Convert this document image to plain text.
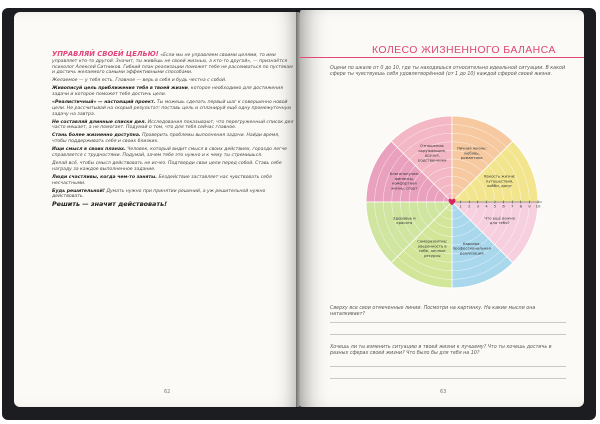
УПРАВЛЯЙ СВОЕЙ ЦЕЛЬЮ! «Если мы не управляем своими целями, то ими управляет кто-то другой. Значит, ты живёшь не своей жизнью, а кто-то другой», — признаётся психолог Алексей Ситников. Гибкий план реализации поможет тебе не рассеиваться по пустякам и достичь желаемого самыми эффективными способами.

Желаемое — у тебя есть. Главное — верь в себя и будь честна с собой.

Живописуй цель приближения тебя в твоей жизни, которое необходимо для достижения задачи и которое поможет тебе достичь цели.

«Реалистичный» — настоящий проект. Ты можешь сделать первый шаг к совершенно новой цели. Не рассчитывай на скорый результат: поставь цель и спланируй ещё одну промежуточную задачу на завтра.

Не составляй длинные списки дел. Исследования показывают, что перегруженный список дел часто мешает, а не помогает. Подумай о том, что для тебя сейчас главное.

Стань более жизненно доступна. Проверить проблемы выполнения задачи. Найди время, чтобы поддерживать себя и своих близких.

Ищи смысл в своих планах. Человек, который видит смысл в своих действиях, гораздо легче справляется с трудностями. Подумай, зачем тебе это нужно и к чему ты стремишься.

Делай всё, чтобы смысл действовать не исчез. Подтверди свои цели перед собой. Ставь себе награду за каждое выполненное задание.

Люди счастливы, когда чем-то заняты. Бездействие заставляет нас чувствовать себя несчастными.

Будь решительной! Думать нужно при принятии решений, а уж решительной нужно действовать.

Решить — значит действовать!

62
КОЛЕСО ЖИЗНЕННОГО БАЛАНСА
Оцени по шкале от 0 до 10, где ты находишься относительно идеальной ситуации. В какой сфере ты чувствуешь себя удовлетворённой (от 1 до 10) каждой сферой своей жизни.
1 2 3 4 5 6 7 8 9 10
Благополучие: финансы, комфортная жизнь, спорт
Отношения: окружающие, друзья, родственники
Личная жизнь: любовь, романтика
Яркость жизни: путешествия, хобби, досуг
Что ещё важно для тебя?
Карьера, профессиональная реализация
Саморазвитие: уверенность в себе, личные ресурсы
Здоровье и красота
Сверху все свои отмеченные линии. Посмотри на картинку. На какие мысли она наталкивает?
Хочешь ли ты изменить ситуацию в твоей жизни к лучшему? Что ты хочешь достичь в разных сферах своей жизни? Что было бы для тебя на 10?
63
